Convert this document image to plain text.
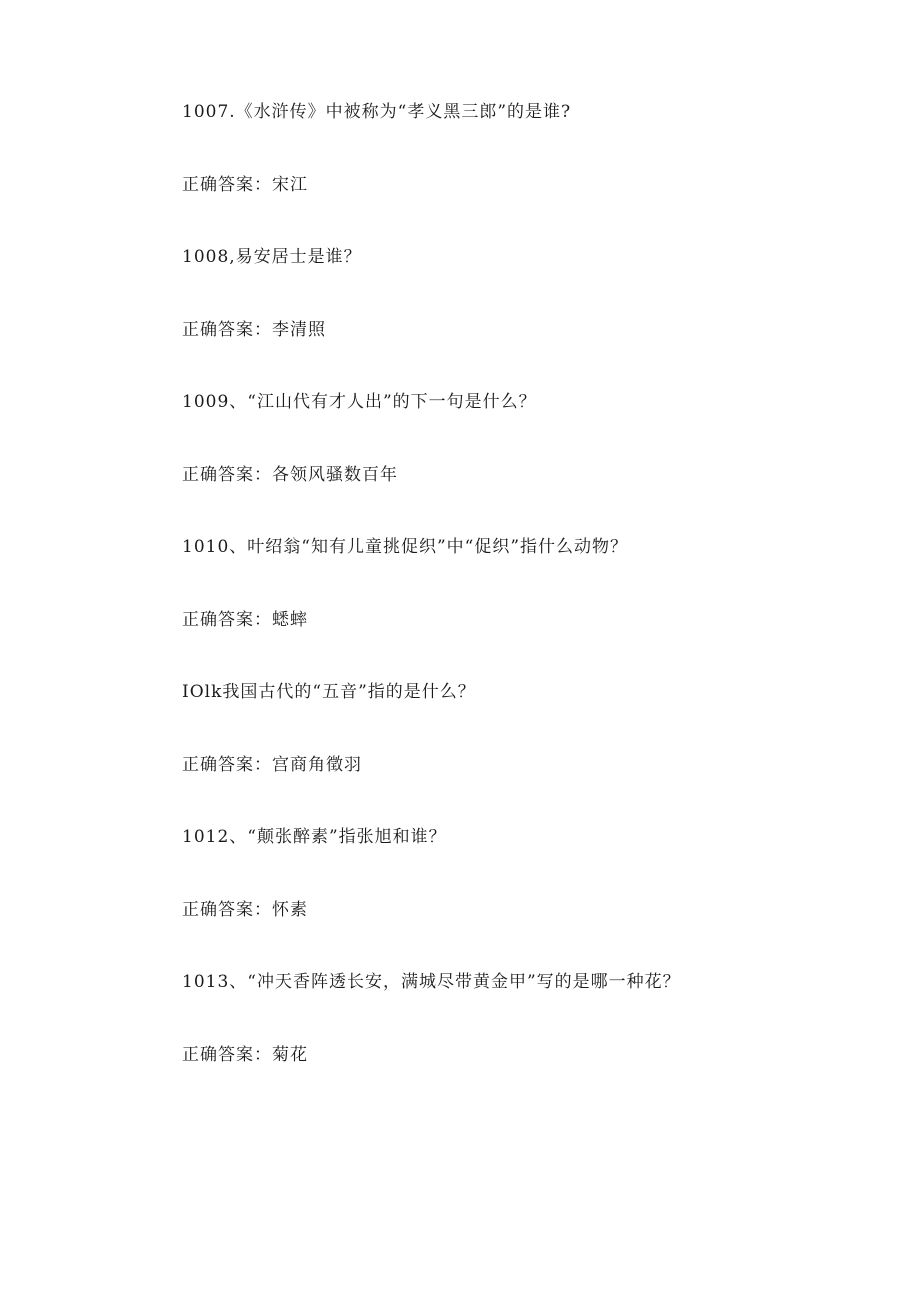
1007.《水浒传》中被称为“孝义黑三郎”的是谁?
正确答案：宋江
1008,易安居士是谁？
正确答案：李清照
1009、“江山代有才人出”的下一句是什么？
正确答案：各领风骚数百年
1010、叶绍翁“知有儿童挑促织”中“促织”指什么动物？
正确答案：蟋蟀
IOlk我国古代的“五音”指的是什么？
正确答案：宫商角徵羽
1012、“颠张醉素”指张旭和谁？
正确答案：怀素
1013、“冲天香阵透长安，满城尽带黄金甲”写的是哪一种花？
正确答案：菊花
